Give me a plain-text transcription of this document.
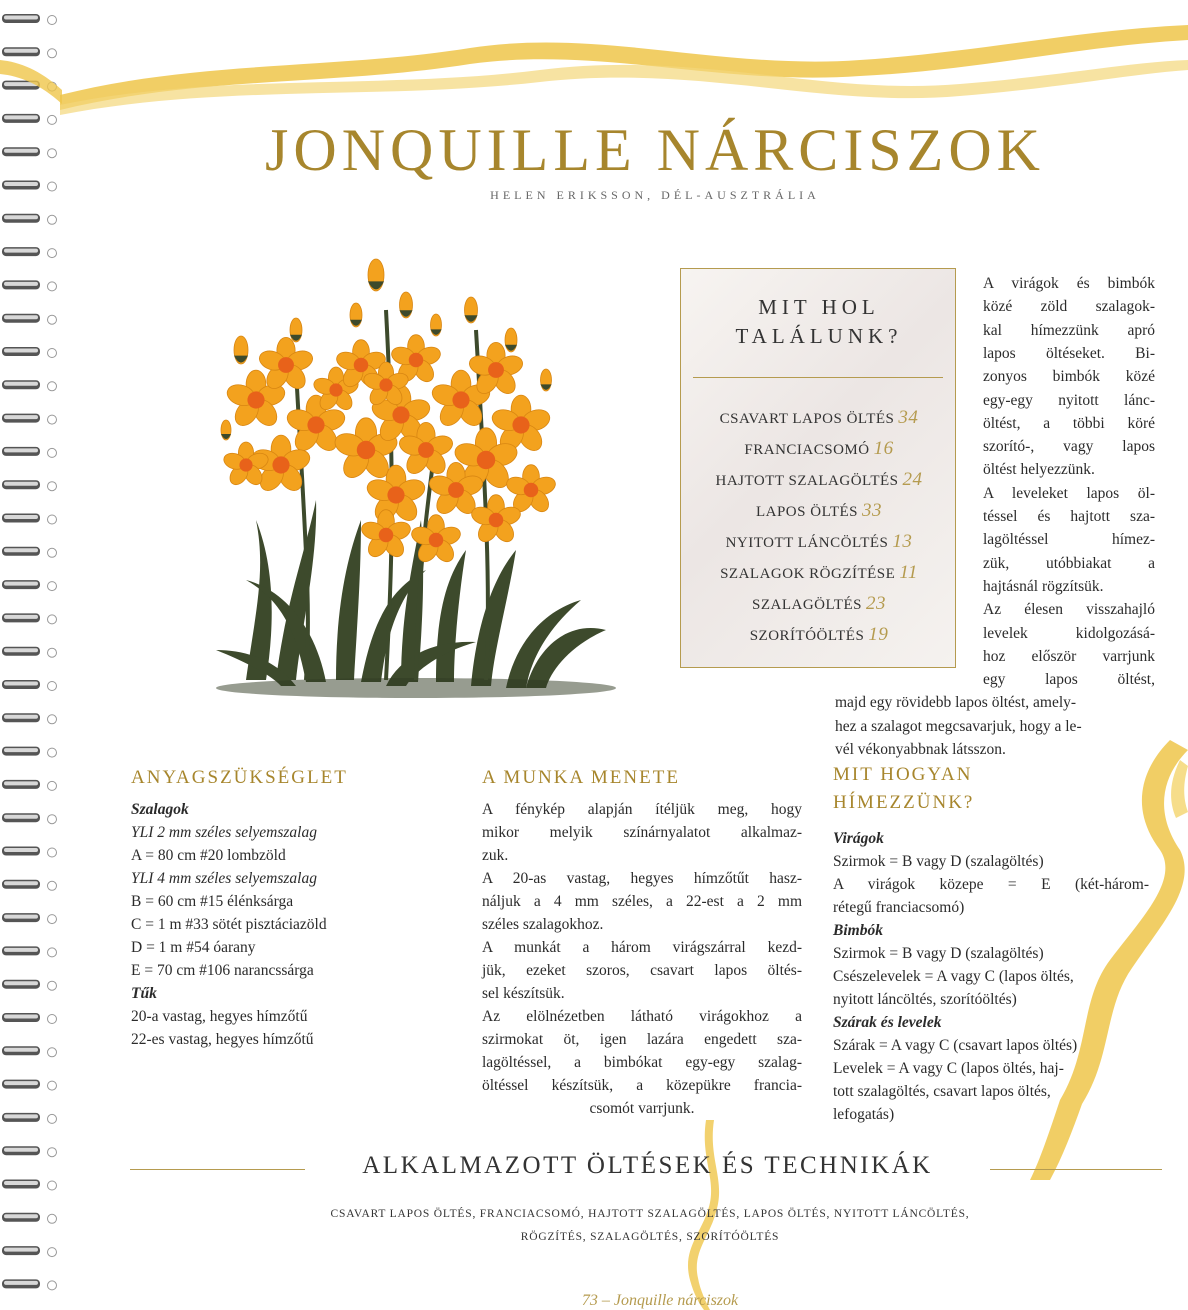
JONQUILLE NÁRCISZOK
HELEN ERIKSSON, DÉL-AUSZTRÁLIA
MIT HOL
TALÁLUNK?
CSAVART LAPOS ÖLTÉS 34
FRANCIACSOMÓ 16
HAJTOTT SZALAGÖLTÉS 24
LAPOS ÖLTÉS 33
NYITOTT LÁNCÖLTÉS 13
SZALAGOK RÖGZÍTÉSE 11
SZALAGÖLTÉS 23
SZORÍTÓÖLTÉS 19
A virágok és bimbók
közé zöld szalagok-
kal hímezzünk apró
lapos öltéseket. Bi-
zonyos bimbók közé
egy-egy nyitott lánc-
öltést, a többi köré
szorító-, vagy lapos
öltést helyezzünk.
A leveleket lapos öl-
téssel és hajtott sza-
lagöltéssel hímez-
zük, utóbbiakat a
hajtásnál rögzítsük.
Az élesen visszahajló
levelek kidolgozásá-
hoz először varrjunk
egy lapos öltést,
majd egy rövidebb lapos öltést, amely-
hez a szalagot megcsavarjuk, hogy a le-
vél vékonyabbnak látsszon.
ANYAGSZÜKSÉGLET
Szalagok
YLI 2 mm széles selyemszalag
A = 80 cm #20 lombzöld
YLI 4 mm széles selyemszalag
B = 60 cm #15 élénksárga
C = 1 m #33 sötét pisztáciazöld
D = 1 m #54 óarany
E = 70 cm #106 narancssárga
Tűk
20-a vastag, hegyes hímzőtű
22-es vastag, hegyes hímzőtű
A MUNKA MENETE
A fénykép alapján ítéljük meg, hogy
mikor melyik színárnyalatot alkalmaz-
zuk.
A 20-as vastag, hegyes hímzőtűt hasz-
náljuk a 4 mm széles, a 22-est a 2 mm
széles szalagokhoz.
A munkát a három virágszárral kezd-
jük, ezeket szoros, csavart lapos öltés-
sel készítsük.
Az elölnézetben látható virágokhoz a
szirmokat öt, igen lazára engedett sza-
lagöltéssel, a bimbókat egy-egy szalag-
öltéssel készítsük, a közepükre francia-
csomót varrjunk.
MIT HOGYAN
HÍMEZZÜNK?
Virágok
Szirmok = B vagy D (szalagöltés)
A virágok közepe = E (két-három-
rétegű franciacsomó)
Bimbók
Szirmok = B vagy D (szalagöltés)
Csészelevelek = A vagy C (lapos öltés,
nyitott láncöltés, szorítóöltés)
Szárak és levelek
Szárak = A vagy C (csavart lapos öltés)
Levelek = A vagy C (lapos öltés, haj-
tott szalagöltés, csavart lapos öltés,
lefogatás)
ALKALMAZOTT ÖLTÉSEK ÉS TECHNIKÁK
CSAVART LAPOS ÖLTÉS, FRANCIACSOMÓ, HAJTOTT SZALAGÖLTÉS, LAPOS ÖLTÉS, NYITOTT LÁNCÖLTÉS,
RÖGZÍTÉS, SZALAGÖLTÉS, SZORÍTÓÖLTÉS
73 – Jonquille nárciszok
